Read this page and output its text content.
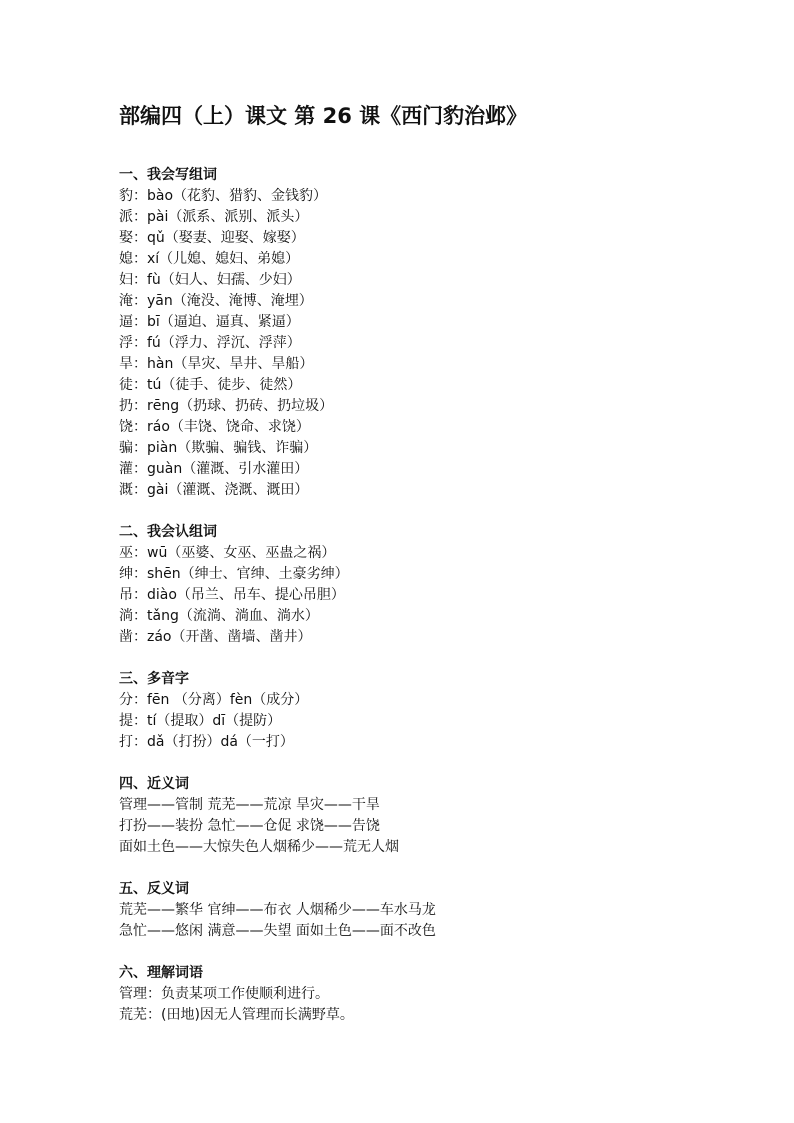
部编四（上）课文 第 26 课《西门豹治邺》
一、我会写组词
豹：bào（花豹、猎豹、金钱豹）
派：pài（派系、派别、派头）
娶：qǔ（娶妻、迎娶、嫁娶）
媳：xí（儿媳、媳妇、弟媳）
妇：fù（妇人、妇孺、少妇）
淹：yān（淹没、淹博、淹埋）
逼：bī（逼迫、逼真、紧逼）
浮：fú（浮力、浮沉、浮萍）
旱：hàn（旱灾、旱井、旱船）
徒：tú（徒手、徒步、徒然）
扔：rēng（扔球、扔砖、扔垃圾）
饶：ráo（丰饶、饶命、求饶）
骗：piàn（欺骗、骗钱、诈骗）
灌：guàn（灌溉、引水灌田）
溉：gài（灌溉、浇溉、溉田）
二、我会认组词
巫：wū（巫婆、女巫、巫蛊之祸）
绅：shēn（绅士、官绅、土豪劣绅）
吊：diào（吊兰、吊车、提心吊胆）
淌：tǎng（流淌、淌血、淌水）
凿：záo（开凿、凿墙、凿井）
三、多音字
分：fēn （分离）fèn（成分）
提：tí（提取）dī（提防）
打：dǎ（打扮）dá（一打）
四、近义词
管理——管制 荒芜——荒凉 旱灾——干旱
打扮——装扮 急忙——仓促 求饶——告饶
面如土色——大惊失色人烟稀少——荒无人烟
五、反义词
荒芜——繁华 官绅——布衣 人烟稀少——车水马龙
急忙——悠闲 满意——失望 面如土色——面不改色
六、理解词语
管理：负责某项工作使顺利进行。
荒芜：(田地)因无人管理而长满野草。
